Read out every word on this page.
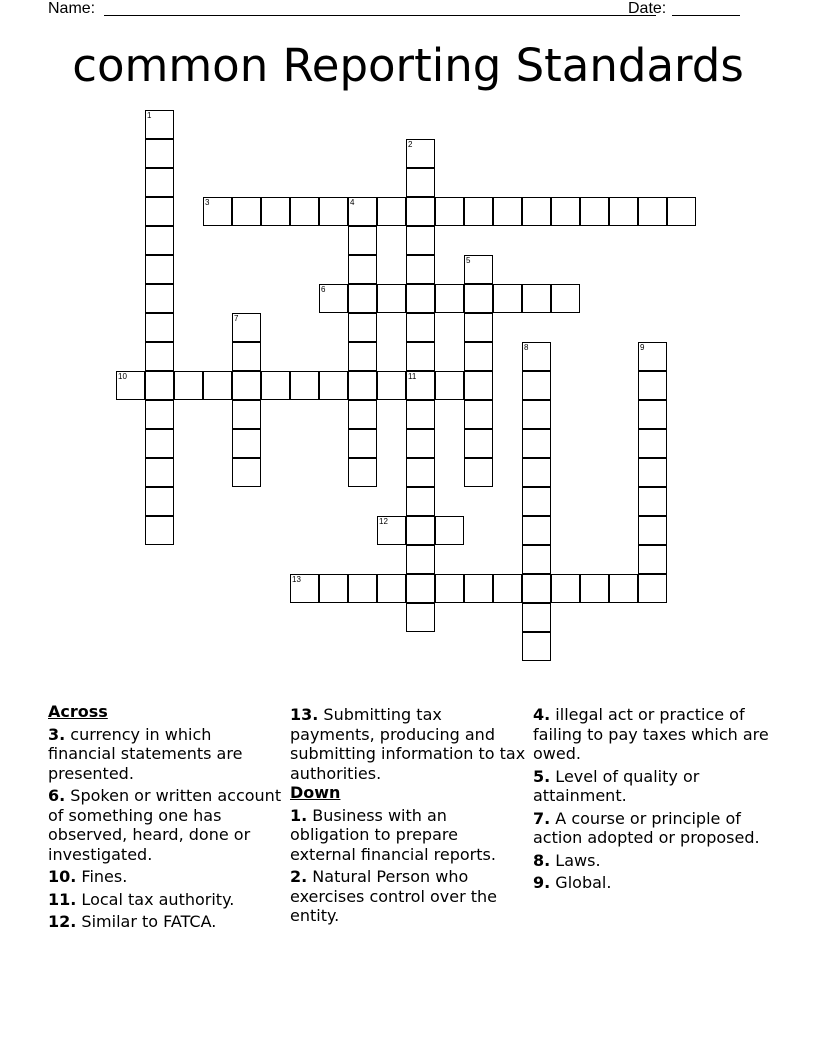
Name:	Date:
common Reporting Standards
1
2
11
3	4
5
6
7
8	9
10
12
13
Across
3. currency in which financial statements are presented.
6. Spoken or written account of something one has observed, heard, done or investigated.
10. Fines.
11. Local tax authority.
12. Similar to FATCA.
13. Submitting tax payments, producing and submitting information to tax authorities.
Down
1. Business with an obligation to prepare external financial reports.
2. Natural Person who exercises control over the entity.
4. illegal act or practice of failing to pay taxes which are owed.
5. Level of quality or attainment.
7. A course or principle of action adopted or proposed.
8. Laws.
9. Global.
